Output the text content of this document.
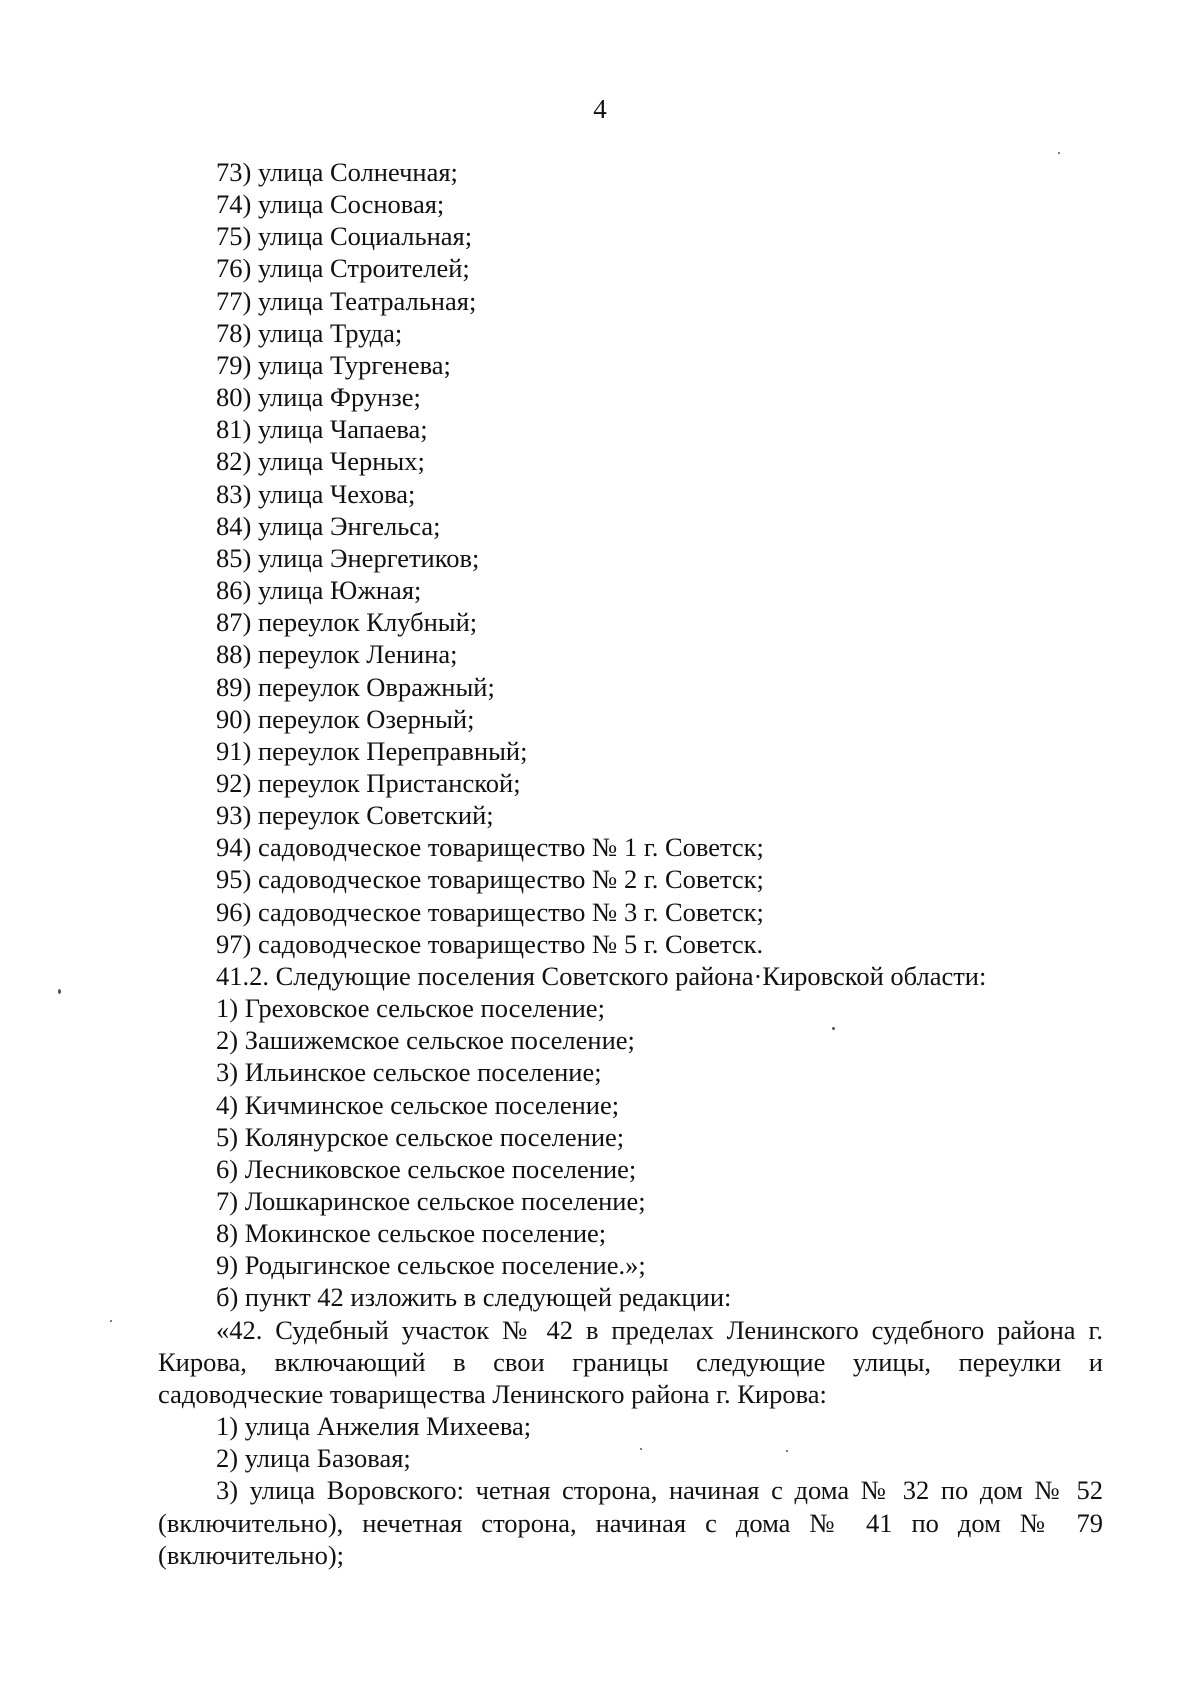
4
73) улица Солнечная;
74) улица Сосновая;
75) улица Социальная;
76) улица Строителей;
77) улица Театральная;
78) улица Труда;
79) улица Тургенева;
80) улица Фрунзе;
81) улица Чапаева;
82) улица Черных;
83) улица Чехова;
84) улица Энгельса;
85) улица Энергетиков;
86) улица Южная;
87) переулок Клубный;
88) переулок Ленина;
89) переулок Овражный;
90) переулок Озерный;
91) переулок Переправный;
92) переулок Пристанской;
93) переулок Советский;
94) садоводческое товарищество № 1 г. Советск;
95) садоводческое товарищество № 2 г. Советск;
96) садоводческое товарищество № 3 г. Советск;
97) садоводческое товарищество № 5 г. Советск.
41.2. Следующие поселения Советского района·Кировской области:
1) Греховское сельское поселение;
2) Зашижемское сельское поселение;
3) Ильинское сельское поселение;
4) Кичминское сельское поселение;
5) Колянурское сельское поселение;
6) Лесниковское сельское поселение;
7) Лошкаринское сельское поселение;
8) Мокинское сельское поселение;
9) Родыгинское сельское поселение.»;
б) пункт 42 изложить в следующей редакции:
«42. Судебный участок № 42 в пределах Ленинского судебного района г. Кирова, включающий в свои границы следующие улицы, переулки и садоводческие товарищества Ленинского района г. Кирова:
1) улица Анжелия Михеева;
2) улица Базовая;
3) улица Воровского: четная сторона, начиная с дома № 32 по дом № 52 (включительно), нечетная сторона, начиная с дома № 41 по дом № 79 (включительно);
